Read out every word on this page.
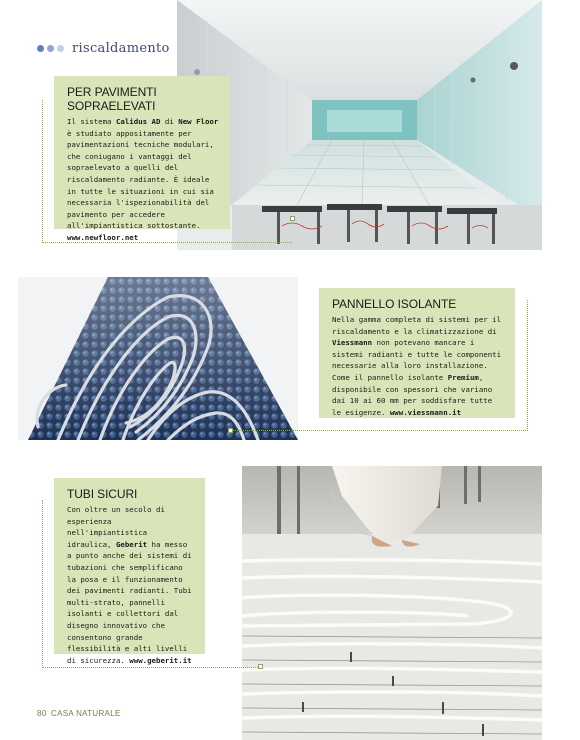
riscaldamento
PER PAVIMENTI SOPRAELEVATI

Il sistema Calidus AD di New Floor è studiato appositamente per pavimentazioni tecniche modulari, che coniugano i vantaggi del sopraelevato a quelli del riscaldamento radiante. È ideale in tutte le situazioni in cui sia necessaria l'ispezionabilità del pavimento per accedere all'impiantistica sottostante.
www.newfloor.net

PANNELLO ISOLANTE

Nella gamma completa di sistemi per il riscaldamento e la climatizzazione di Viessmann non potevano mancare i sistemi radianti e tutte le componenti necessarie alla loro installazione. Come il pannello isolante Premium, disponibile con spessori che variano dai 10 ai 60 mm per soddisfare tutte le esigenze. www.viessmann.it

TUBI SICURI

Con oltre un secolo di esperienza nell'impiantistica idraulica, Geberit ha messo a punto anche dei sistemi di tubazioni che semplificano la posa e il funzionamento dei pavimenti radianti. Tubi multi-strato, pannelli isolanti e collettori dal disegno innovativo che consentono grande flessibilità e alti livelli di sicurezza. www.geberit.it

80 CASA NATURALE
